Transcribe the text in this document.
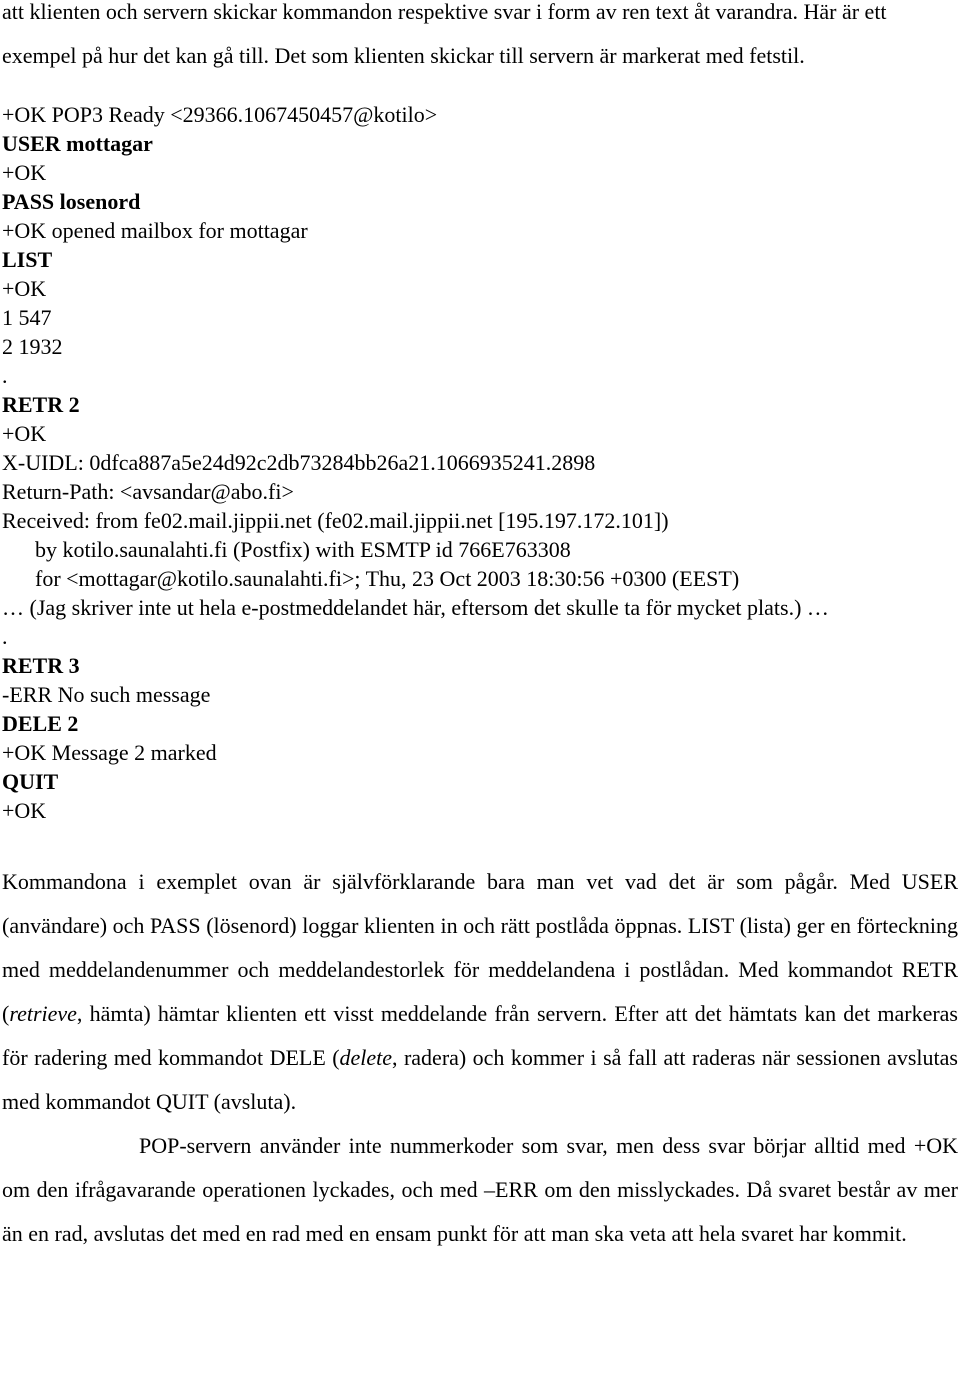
att klienten och servern skickar kommandon respektive svar i form av ren text åt varandra. Här är ett exempel på hur det kan gå till. Det som klienten skickar till servern är markerat med fetstil.

+OK POP3 Ready <29366.1067450457@kotilo>
USER mottagar
+OK
PASS losenord
+OK opened mailbox for mottagar
LIST
+OK
1 547
2 1932
.
RETR 2
+OK
X-UIDL: 0dfca887a5e24d92c2db73284bb26a21.1066935241.2898
Return-Path: <avsandar@abo.fi>
Received: from fe02.mail.jippii.net (fe02.mail.jippii.net [195.197.172.101])
by kotilo.saunalahti.fi (Postfix) with ESMTP id 766E763308
for <mottagar@kotilo.saunalahti.fi>; Thu, 23 Oct 2003 18:30:56 +0300 (EEST)
… (Jag skriver inte ut hela e-postmeddelandet här, eftersom det skulle ta för mycket plats.) …
.
RETR 3
-ERR No such message
DELE 2
+OK Message 2 marked
QUIT
+OK

Kommandona i exemplet ovan är självförklarande bara man vet vad det är som pågår. Med USER (användare) och PASS (lösenord) loggar klienten in och rätt postlåda öppnas. LIST (lista) ger en förteckning med meddelandenummer och meddelandestorlek för meddelandena i postlådan. Med kommandot RETR (retrieve, hämta) hämtar klienten ett visst meddelande från servern. Efter att det hämtats kan det markeras för radering med kommandot DELE (delete, radera) och kommer i så fall att raderas när sessionen avslutas med kommandot QUIT (avsluta).

POP-servern använder inte nummerkoder som svar, men dess svar börjar alltid med +OK om den ifrågavarande operationen lyckades, och med –ERR om den misslyckades. Då svaret består av mer än en rad, avslutas det med en rad med en ensam punkt för att man ska veta att hela svaret har kommit.
